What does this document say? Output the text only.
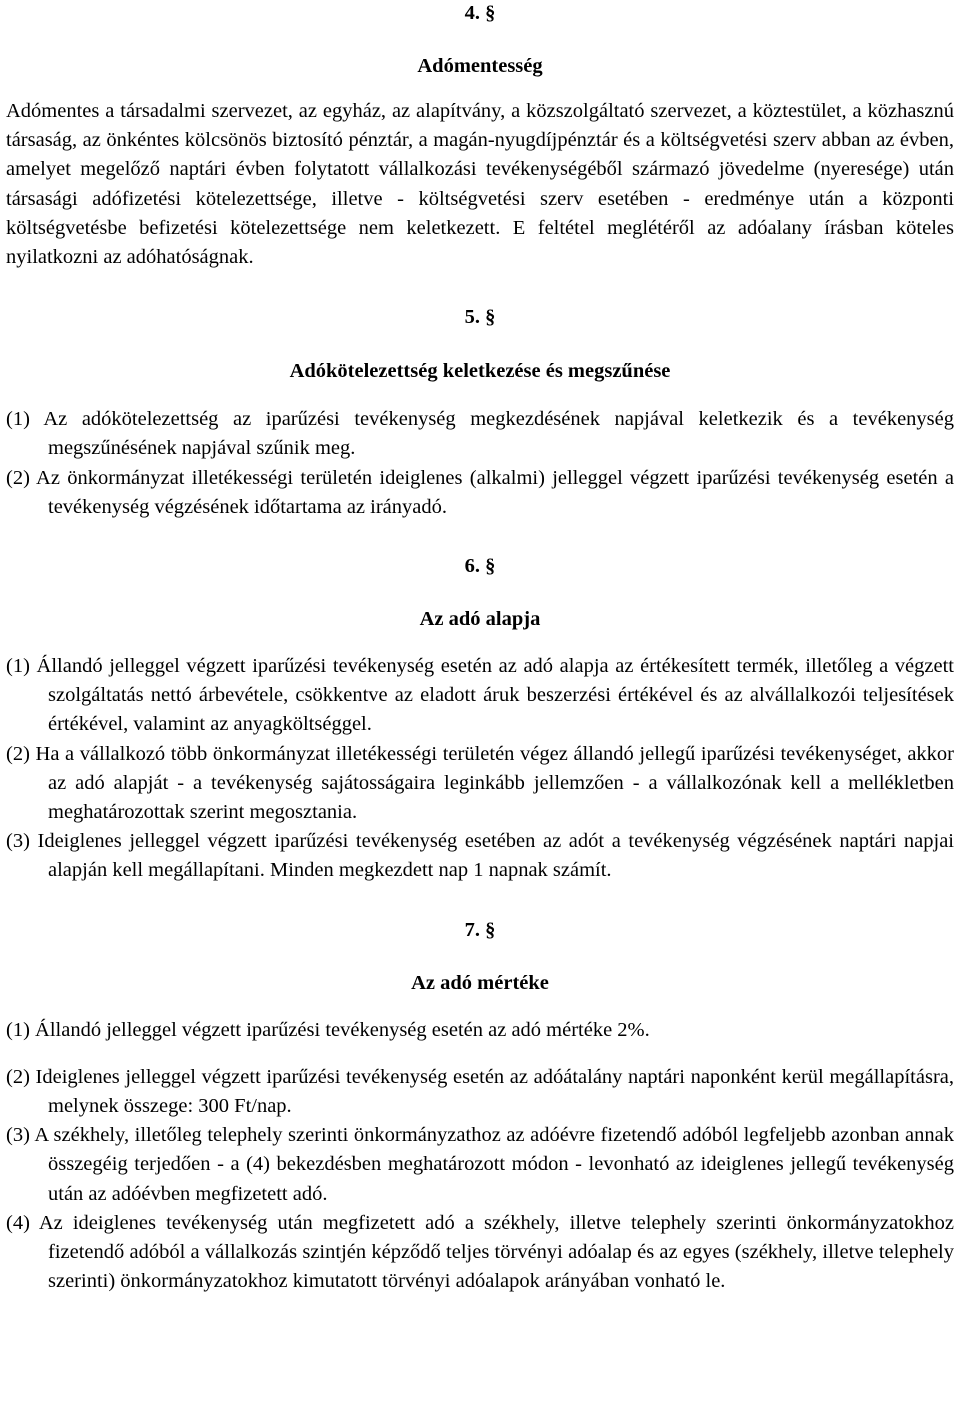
4. §

Adómentesség

Adómentes a társadalmi szervezet, az egyház, az alapítvány, a közszolgáltató szervezet, a köztestület, a közhasznú társaság, az önkéntes kölcsönös biztosító pénztár, a magán-nyugdíjpénztár és a költségvetési szerv abban az évben, amelyet megelőző naptári évben folytatott vállalkozási tevékenységéből származó jövedelme (nyeresége) után társasági adófizetési kötelezettsége, illetve - költségvetési szerv esetében - eredménye után a központi költségvetésbe befizetési kötelezettsége nem keletkezett. E feltétel meglétéről az adóalany írásban köteles nyilatkozni az adóhatóságnak.

5. §

Adókötelezettség keletkezése és megszűnése

(1) Az adókötelezettség az iparűzési tevékenység megkezdésének napjával keletkezik és a tevékenység megszűnésének napjával szűnik meg.

(2) Az önkormányzat illetékességi területén ideiglenes (alkalmi) jelleggel végzett iparűzési tevékenység esetén a tevékenység végzésének időtartama az irányadó.

6. §

Az adó alapja

(1) Állandó jelleggel végzett iparűzési tevékenység esetén az adó alapja az értékesített termék, illetőleg a végzett szolgáltatás nettó árbevétele, csökkentve az eladott áruk beszerzési értékével és az alvállalkozói teljesítések értékével, valamint az anyagköltséggel.

(2) Ha a vállalkozó több önkormányzat illetékességi területén végez állandó jellegű iparűzési tevékenységet, akkor az adó alapját - a tevékenység sajátosságaira leginkább jellemzően - a vállalkozónak kell a mellékletben meghatározottak szerint megosztania.

(3) Ideiglenes jelleggel végzett iparűzési tevékenység esetében az adót a tevékenység végzésének naptári napjai alapján kell megállapítani. Minden megkezdett nap 1 napnak számít.

7. §

Az adó mértéke

(1) Állandó jelleggel végzett iparűzési tevékenység esetén az adó mértéke 2%.

(2) Ideiglenes jelleggel végzett iparűzési tevékenység esetén az adóátalány naptári naponként kerül megállapításra, melynek összege: 300 Ft/nap.

(3) A székhely, illetőleg telephely szerinti önkormányzathoz az adóévre fizetendő adóból legfeljebb azonban annak összegéig terjedően - a (4) bekezdésben meghatározott módon - levonható az ideiglenes jellegű tevékenység után az adóévben megfizetett adó.

(4) Az ideiglenes tevékenység után megfizetett adó a székhely, illetve telephely szerinti önkormányzatokhoz fizetendő adóból a vállalkozás szintjén képződő teljes törvényi adóalap és az egyes (székhely, illetve telephely szerinti) önkormányzatokhoz kimutatott törvényi adóalapok arányában vonható le.
